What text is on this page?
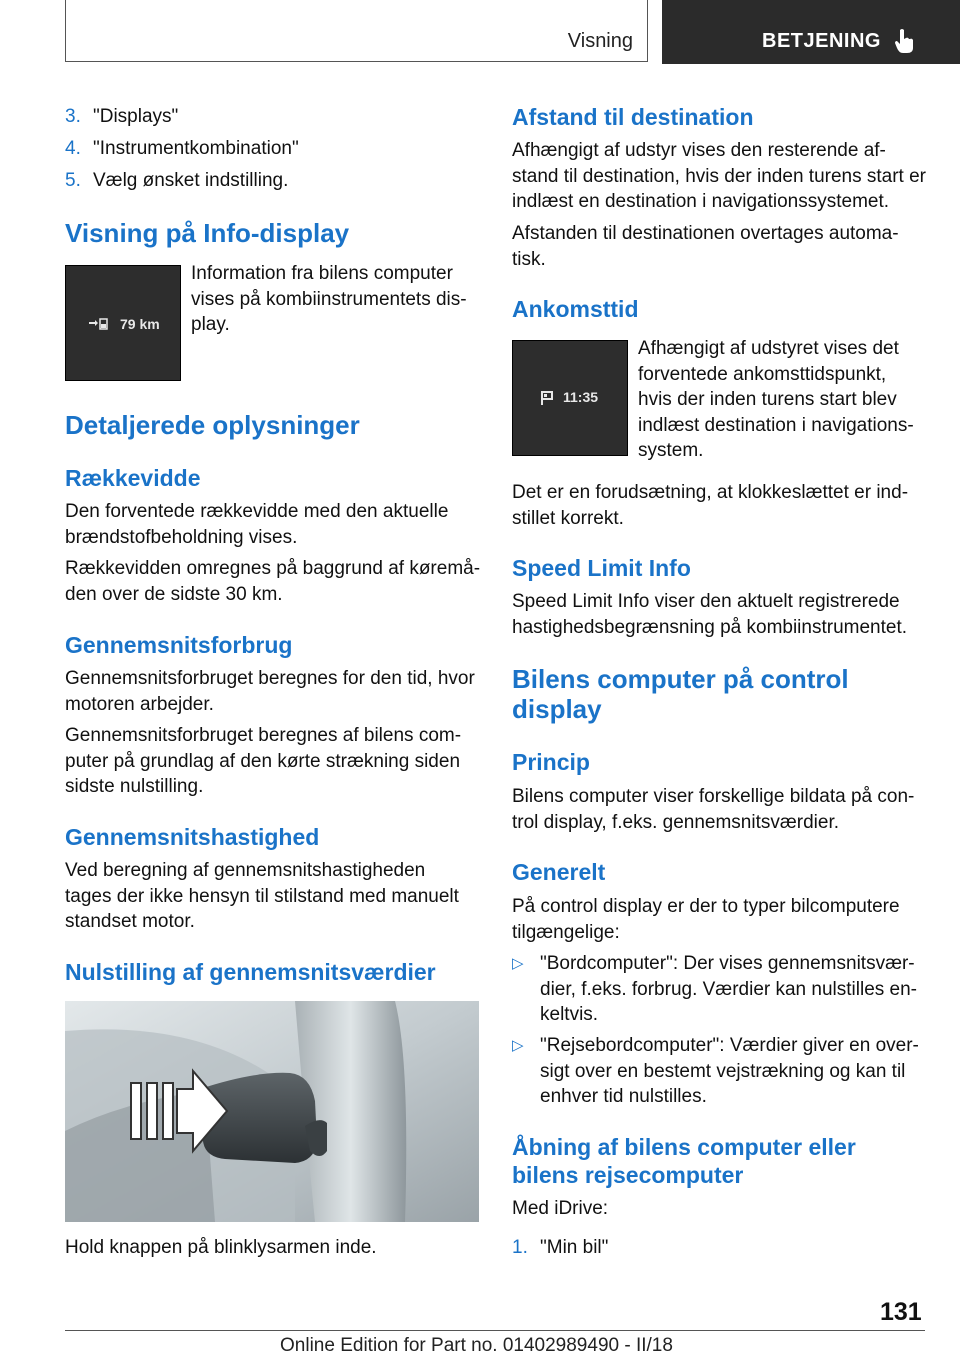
Visning	BETJENING
3. "Displays"
4. "Instrumentkombination"
5. Vælg ønsket indstilling.
Visning på Info-display
79 km
Information fra bilens computer
vises på kombiinstrumentets dis-
play.
Detaljerede oplysninger
Rækkevidde
Den forventede rækkevidde med den aktuelle
brændstofbeholdning vises.
Rækkevidden omregnes på baggrund af køremå-
den over de sidste 30 km.
Gennemsnitsforbrug
Gennemsnitsforbruget beregnes for den tid, hvor
motoren arbejder.
Gennemsnitsforbruget beregnes af bilens com-
puter på grundlag af den kørte strækning siden
sidste nulstilling.
Gennemsnitshastighed
Ved beregning af gennemsnitshastigheden
tages der ikke hensyn til stilstand med manuelt
standset motor.
Nulstilling af gennemsnitsværdier
Hold knappen på blinklysarmen inde.
Afstand til destination
Afhængigt af udstyr vises den resterende af-
stand til destination, hvis der inden turens start er
indlæst en destination i navigationssystemet.
Afstanden til destinationen overtages automa-
tisk.
Ankomsttid
11:35
Afhængigt af udstyret vises det
forventede ankomsttidspunkt,
hvis der inden turens start blev
indlæst destination i navigations-
system.
Det er en forudsætning, at klokkeslættet er ind-
stillet korrekt.
Speed Limit Info
Speed Limit Info viser den aktuelt registrerede
hastighedsbegrænsning på kombiinstrumentet.
Bilens computer på control
display
Princip
Bilens computer viser forskellige bildata på con-
trol display, f.eks. gennemsnitsværdier.
Generelt
På control display er der to typer bilcomputere
tilgængelige:
▷ "Bordcomputer": Der vises gennemsnitsvær-
dier, f.eks. forbrug. Værdier kan nulstilles en-
keltvis.
▷ "Rejsebordcomputer": Værdier giver en over-
sigt over en bestemt vejstrækning og kan til
enhver tid nulstilles.
Åbning af bilens computer eller
bilens rejsecomputer
Med iDrive:
1. "Min bil"
131
Online Edition for Part no. 01402989490 - II/18
